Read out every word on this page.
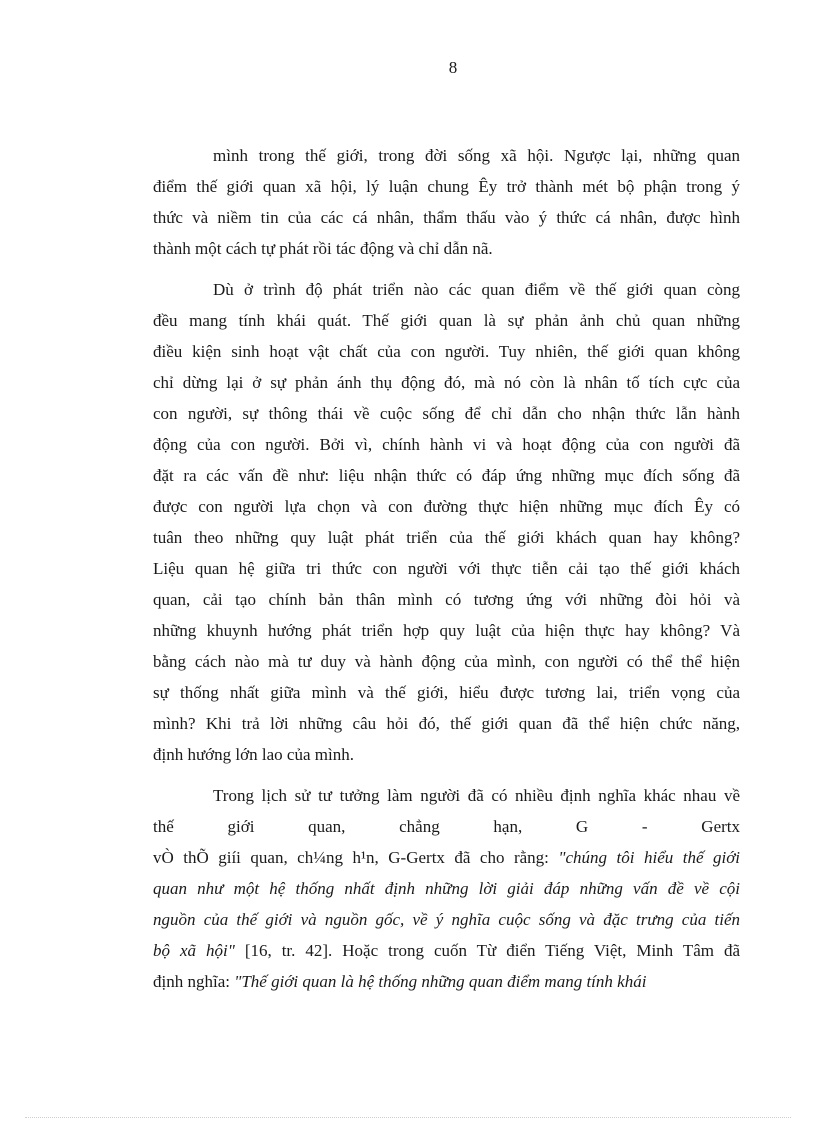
8

mình trong thế giới, trong đời sống xã hội. Ngược lại, những quan
điểm thế giới quan xã hội, lý luận chung Êy trở thành mét bộ phận trong ý
thức và niềm tin của các cá nhân, thẩm thấu vào ý thức cá nhân, được hình
thành một cách tự phát rồi tác động và chỉ dẫn nã.

Dù ở trình độ phát triển nào các quan điểm về thế giới quan còng
đều mang tính khái quát. Thế giới quan là sự phản ảnh chủ quan những
điều kiện sinh hoạt vật chất của con người. Tuy nhiên, thế giới quan không
chỉ dừng lại ở sự phản ánh thụ động đó, mà nó còn là nhân tố tích cực của
con người, sự thông thái về cuộc sống để chỉ dẫn cho nhận thức lẫn hành
động của con người. Bởi vì, chính hành vi và hoạt động của con người đã
đặt ra các vấn đề như: liệu nhận thức có đáp ứng những mục đích sống đã
được con người lựa chọn và con đường thực hiện những mục đích Êy có
tuân theo những quy luật phát triển của thế giới khách quan hay không?
Liệu quan hệ giữa tri thức con người với thực tiễn cải tạo thế giới khách
quan, cải tạo chính bản thân mình có tương ứng với những đòi hỏi và
những khuynh hướng phát triển hợp quy luật của hiện thực hay không? Và
bằng cách nào mà tư duy và hành động của mình, con người có thể thể hiện
sự thống nhất giữa mình và thế giới, hiểu được tương lai, triển vọng của
mình? Khi trả lời những câu hỏi đó, thế giới quan đã thể hiện chức năng,
định hướng lớn lao của mình.

Trong lịch sử tư tưởng làm người đã có nhiều định nghĩa khác nhau về
thế giới quan, chẳng hạn, G - Gertx
vÒ thÕ giíi quan, ch¼ng h¹n, G-Gertx đã cho rằng: "chúng tôi hiểu thế giới
quan như một hệ thống nhất định những lời giải đáp những vấn đề về cội
nguồn của thế giới và nguồn gốc, về ý nghĩa cuộc sống và đặc trưng của tiến
bộ xã hội" [16, tr. 42]. Hoặc trong cuốn Từ điển Tiếng Việt, Minh Tâm đã
định nghĩa: "Thế giới quan là hệ thống những quan điểm mang tính khái
